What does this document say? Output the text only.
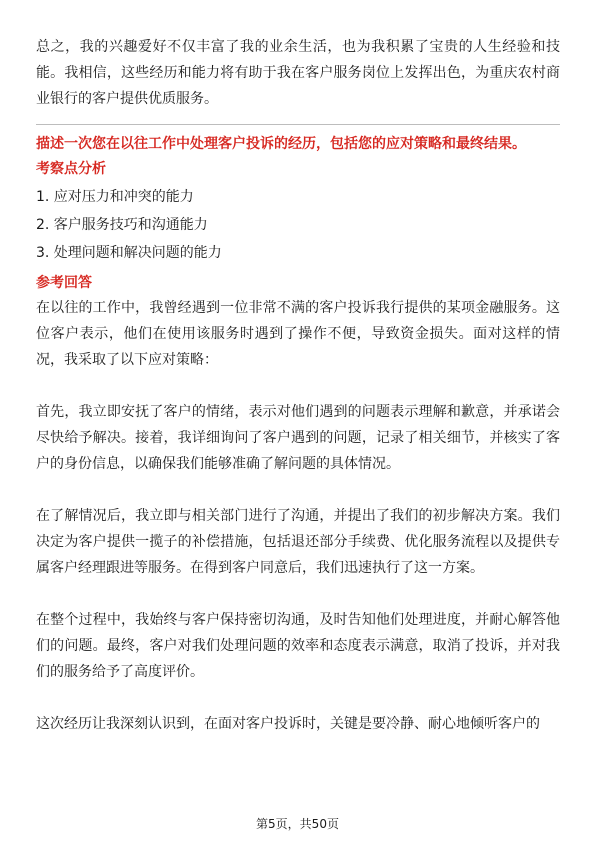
总之，我的兴趣爱好不仅丰富了我的业余生活，也为我积累了宝贵的人生经验和技能。我相信，这些经历和能力将有助于我在客户服务岗位上发挥出色，为重庆农村商业银行的客户提供优质服务。

描述一次您在以往工作中处理客户投诉的经历，包括您的应对策略和最终结果。

考察点分析
1. 应对压力和冲突的能力
2. 客户服务技巧和沟通能力
3. 处理问题和解决问题的能力
参考回答

在以往的工作中，我曾经遇到一位非常不满的客户投诉我行提供的某项金融服务。这位客户表示，他们在使用该服务时遇到了操作不便，导致资金损失。面对这样的情况，我采取了以下应对策略：

首先，我立即安抚了客户的情绪，表示对他们遇到的问题表示理解和歉意，并承诺会尽快给予解决。接着，我详细询问了客户遇到的问题，记录了相关细节，并核实了客户的身份信息，以确保我们能够准确了解问题的具体情况。

在了解情况后，我立即与相关部门进行了沟通，并提出了我们的初步解决方案。我们决定为客户提供一揽子的补偿措施，包括退还部分手续费、优化服务流程以及提供专属客户经理跟进等服务。在得到客户同意后，我们迅速执行了这一方案。

在整个过程中，我始终与客户保持密切沟通，及时告知他们处理进度，并耐心解答他们的问题。最终，客户对我们处理问题的效率和态度表示满意，取消了投诉，并对我们的服务给予了高度评价。

这次经历让我深刻认识到，在面对客户投诉时，关键是要冷静、耐心地倾听客户的

第5页，共50页
